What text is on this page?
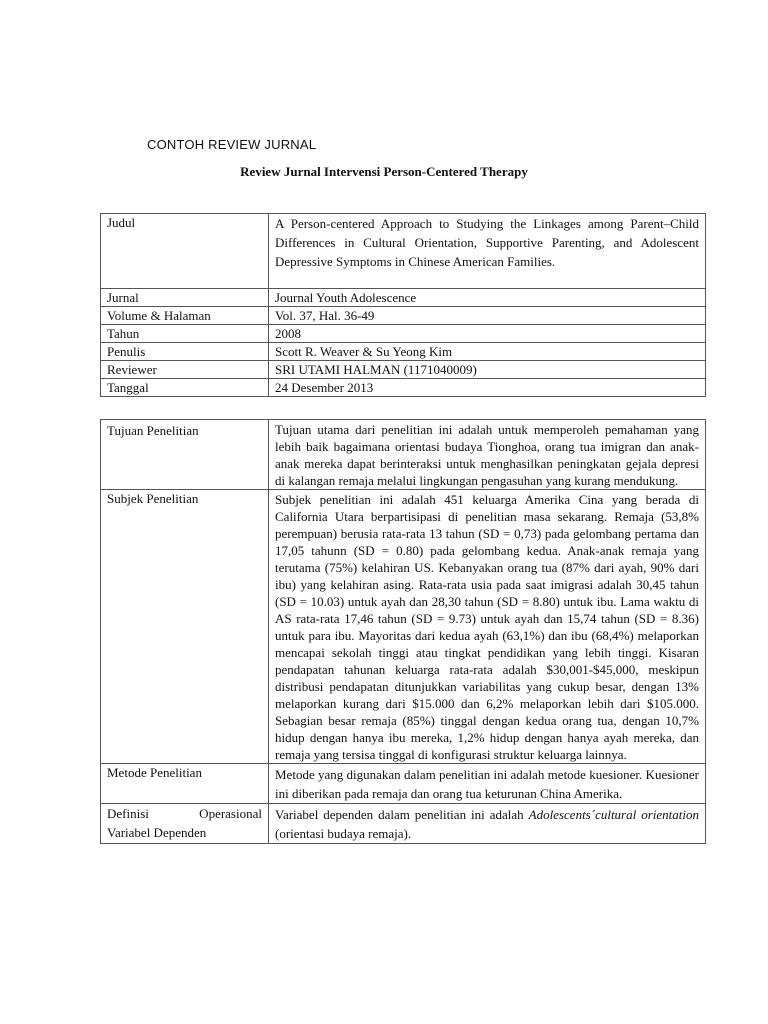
CONTOH REVIEW JURNAL
Review Jurnal Intervensi Person-Centered Therapy
Judul	A Person-centered Approach to Studying the Linkages among Parent–Child Differences in Cultural Orientation, Supportive Parenting, and Adolescent Depressive Symptoms in Chinese American Families.
Jurnal	Journal Youth Adolescence
Volume & Halaman	Vol. 37, Hal. 36-49
Tahun	2008
Penulis	Scott R. Weaver & Su Yeong Kim
Reviewer	SRI UTAMI HALMAN (1171040009)
Tanggal	24 Desember 2013
Tujuan Penelitian	Tujuan utama dari penelitian ini adalah untuk memperoleh pemahaman yang lebih baik bagaimana orientasi budaya Tionghoa, orang tua imigran dan anak-anak mereka dapat berinteraksi untuk menghasilkan peningkatan gejala depresi di kalangan remaja melalui lingkungan pengasuhan yang kurang mendukung.
Subjek Penelitian	Subjek penelitian ini adalah 451 keluarga Amerika Cina yang berada di California Utara berpartisipasi di penelitian masa sekarang. Remaja (53,8% perempuan) berusia rata-rata 13 tahun (SD = 0,73) pada gelombang pertama dan 17,05 tahunn (SD = 0.80) pada gelombang kedua. Anak-anak remaja yang terutama (75%) kelahiran US. Kebanyakan orang tua (87% dari ayah, 90% dari ibu) yang kelahiran asing. Rata-rata usia pada saat imigrasi adalah 30,45 tahun (SD = 10.03) untuk ayah dan 28,30 tahun (SD = 8.80) untuk ibu. Lama waktu di AS rata-rata 17,46 tahun (SD = 9.73) untuk ayah dan 15,74 tahun (SD = 8.36) untuk para ibu. Mayoritas dari kedua ayah (63,1%) dan ibu (68,4%) melaporkan mencapai sekolah tinggi atau tingkat pendidikan yang lebih tinggi. Kisaran pendapatan tahunan keluarga rata-rata adalah $30,001-$45,000, meskipun distribusi pendapatan ditunjukkan variabilitas yang cukup besar, dengan 13% melaporkan kurang dari $15.000 dan 6,2% melaporkan lebih dari $105.000. Sebagian besar remaja (85%) tinggal dengan kedua orang tua, dengan 10,7% hidup dengan hanya ibu mereka, 1,2% hidup dengan hanya ayah mereka, dan remaja yang tersisa tinggal di konfigurasi struktur keluarga lainnya.
Metode Penelitian	Metode yang digunakan dalam penelitian ini adalah metode kuesioner. Kuesioner ini diberikan pada remaja dan orang tua keturunan China Amerika.

Definisi Operasional
Variabel Dependen	Variabel dependen dalam penelitian ini adalah Adolescents´cultural orientation (orientasi budaya remaja).
